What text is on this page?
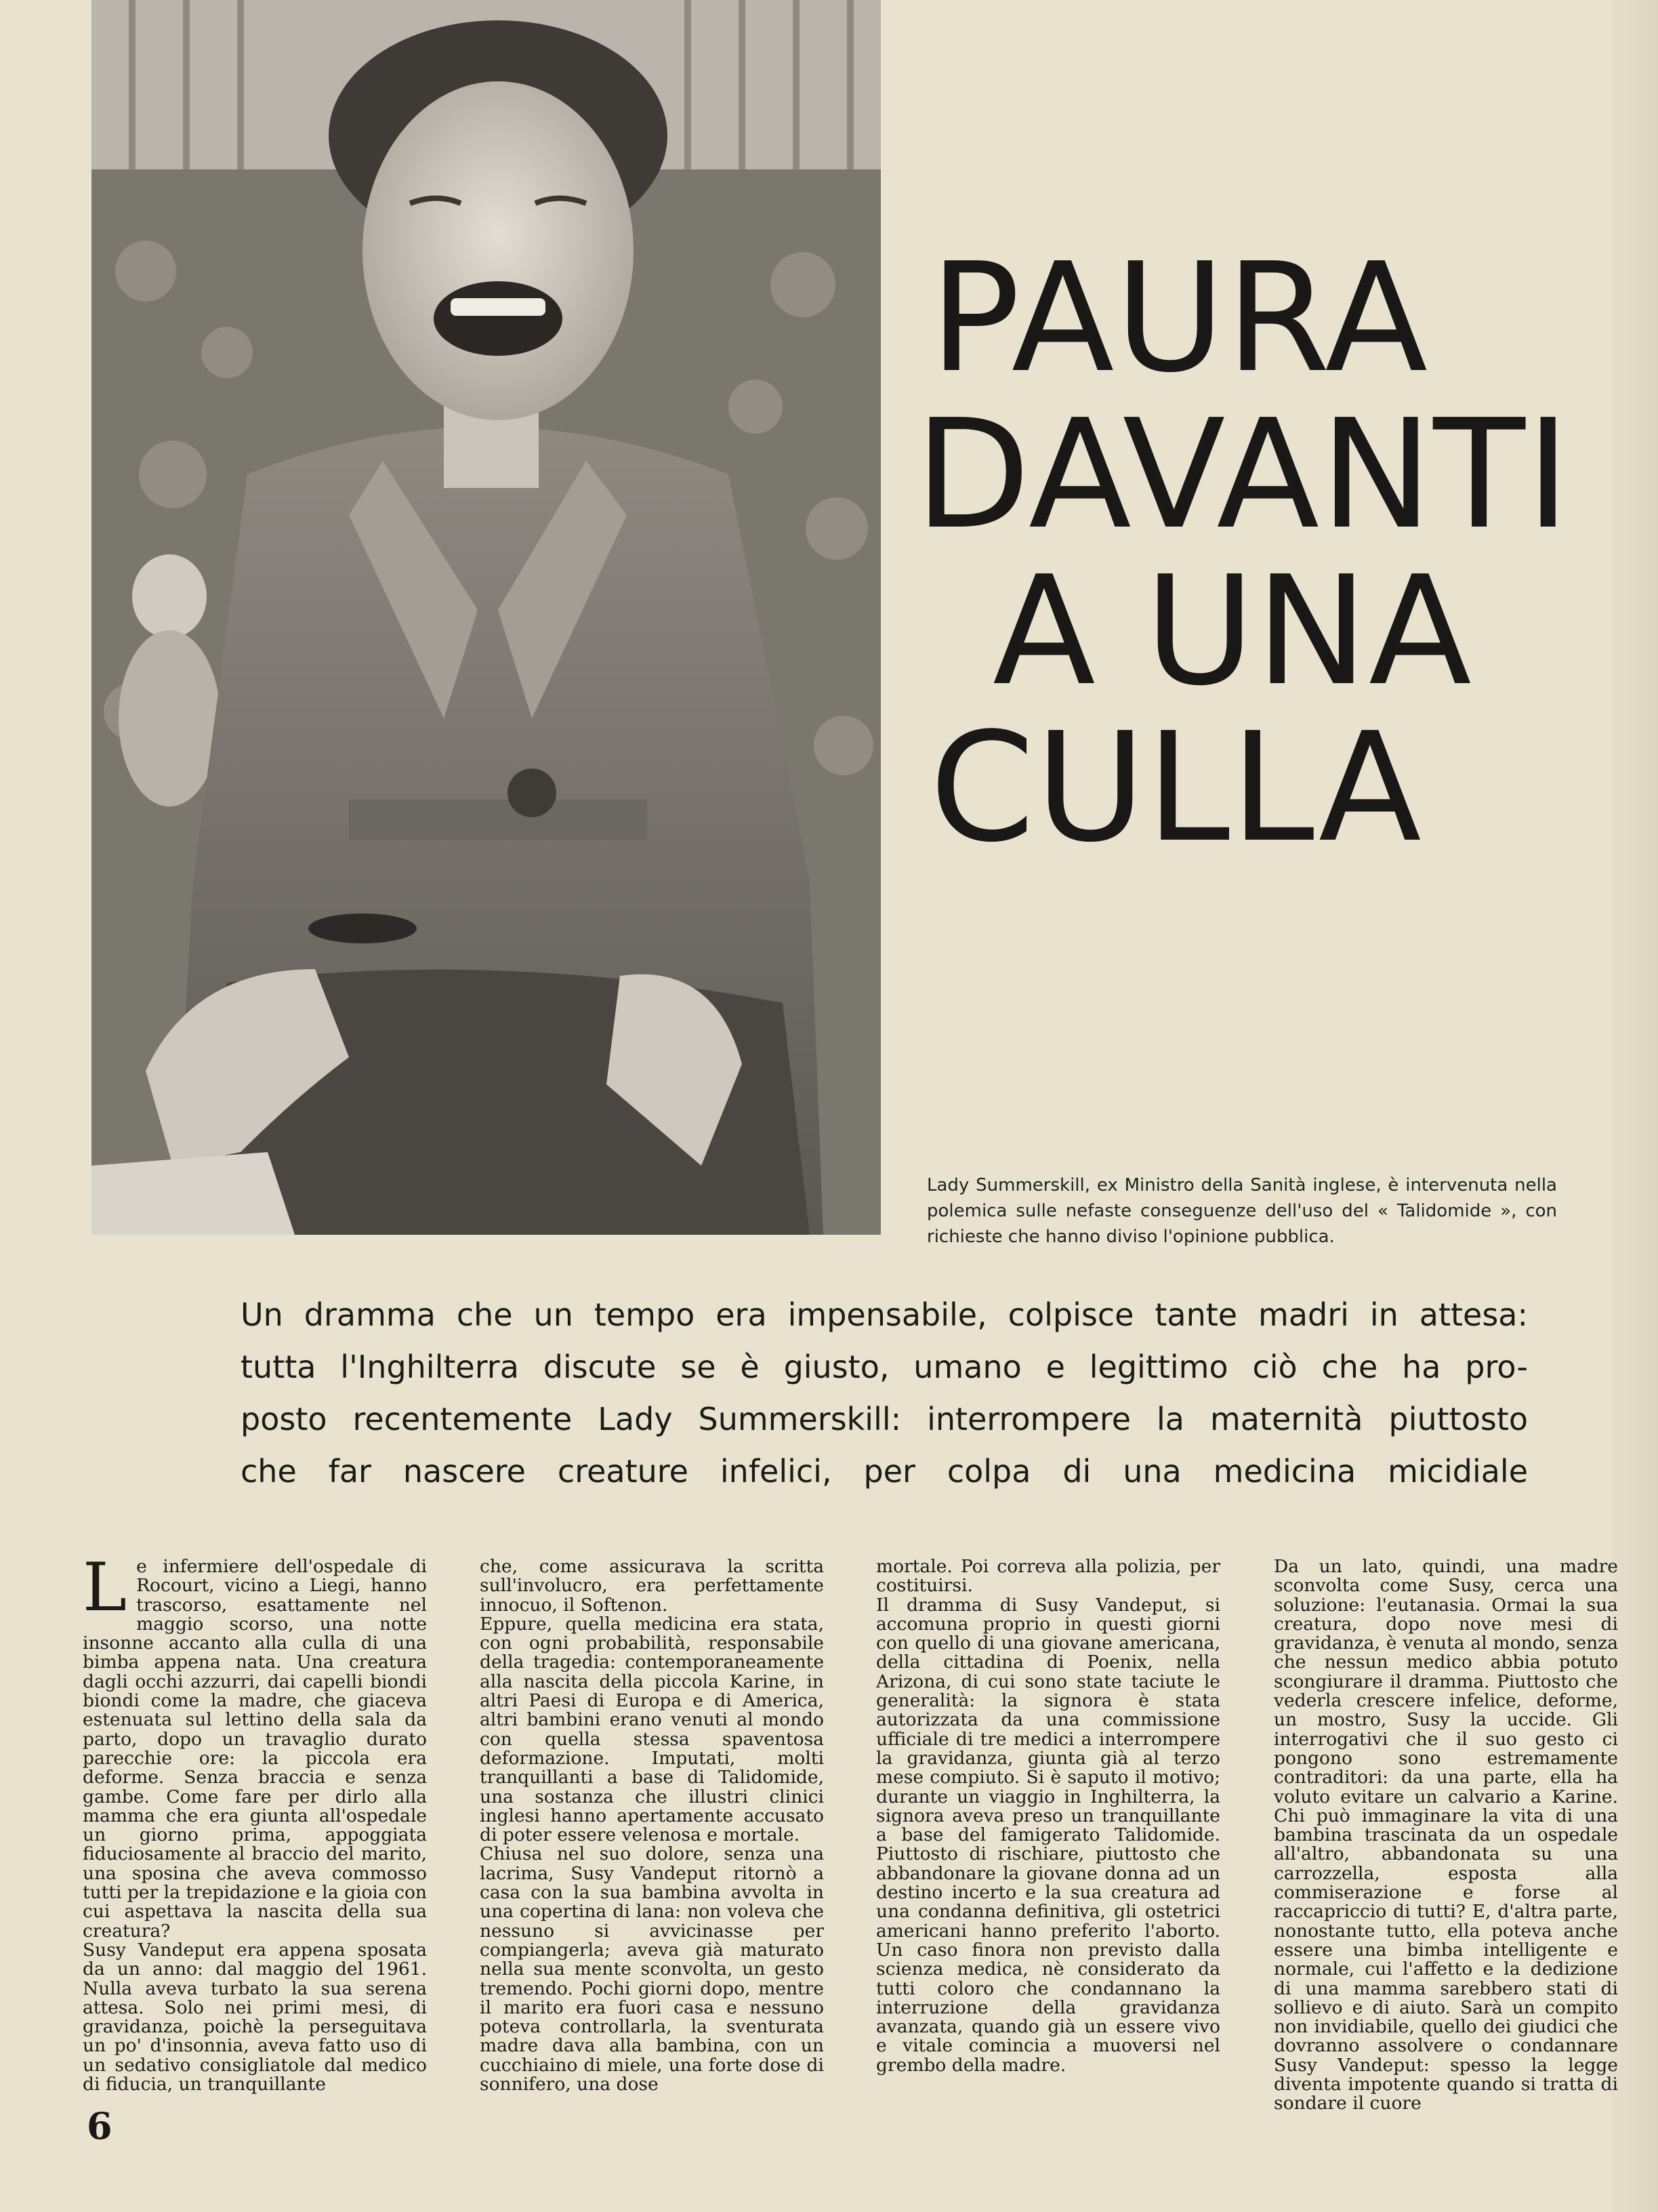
PAURA
DAVANTI
A UNA
CULLA
Lady Summerskill, ex Ministro della Sanità inglese, è intervenuta nella polemica sulle nefaste conseguenze dell'uso del « Talidomide », con richieste che hanno diviso l'opinione pubblica.
Un dramma che un tempo era impensabile, colpisce tante madri in attesa:
tutta l'Inghilterra discute se è giusto, umano e legittimo ciò che ha pro-
posto recentemente Lady Summerskill: interrompere la maternità piuttosto
che far nascere creature infelici, per colpa di una medicina micidiale

Le infermiere dell'ospedale di Rocourt, vicino a Liegi, hanno trascorso, esattamente nel maggio scorso, una notte insonne accanto alla culla di una bimba appena nata. Una creatura dagli occhi azzurri, dai capelli biondi biondi come la madre, che giaceva estenuata sul lettino della sala da parto, dopo un travaglio durato parecchie ore: la piccola era deforme. Senza braccia e senza gambe. Come fare per dirlo alla mamma che era giunta all'ospedale un giorno prima, appoggiata fiduciosamente al braccio del marito, una sposina che aveva commosso tutti per la trepidazione e la gioia con cui aspettava la nascita della sua creatura?

Susy Vandeput era appena sposata da un anno: dal maggio del 1961. Nulla aveva turbato la sua serena attesa. Solo nei primi mesi, di gravidanza, poichè la perseguitava un po' d'insonnia, aveva fatto uso di un sedativo consigliatole dal medico di fiducia, un tranquillante

che, come assicurava la scritta sull'involucro, era perfettamente innocuo, il Softenon.

Eppure, quella medicina era stata, con ogni probabilità, responsabile della tragedia: contemporaneamente alla nascita della piccola Karine, in altri Paesi di Europa e di America, altri bambini erano venuti al mondo con quella stessa spaventosa deformazione. Imputati, molti tranquillanti a base di Talidomide, una sostanza che illustri clinici inglesi hanno apertamente accusato di poter essere velenosa e mortale.

Chiusa nel suo dolore, senza una lacrima, Susy Vandeput ritornò a casa con la sua bambina avvolta in una copertina di lana: non voleva che nessuno si avvicinasse per compiangerla; aveva già maturato nella sua mente sconvolta, un gesto tremendo. Pochi giorni dopo, mentre il marito era fuori casa e nessuno poteva controllarla, la sventurata madre dava alla bambina, con un cucchiaino di miele, una forte dose di sonnifero, una dose

mortale. Poi correva alla polizia, per costituirsi.

Il dramma di Susy Vandeput, si accomuna proprio in questi giorni con quello di una giovane americana, della cittadina di Poenix, nella Arizona, di cui sono state taciute le generalità: la signora è stata autorizzata da una commissione ufficiale di tre medici a interrompere la gravidanza, giunta già al terzo mese compiuto. Si è saputo il motivo; durante un viaggio in Inghilterra, la signora aveva preso un tranquillante a base del famigerato Talidomide. Piuttosto di rischiare, piuttosto che abbandonare la giovane donna ad un destino incerto e la sua creatura ad una condanna definitiva, gli ostetrici americani hanno preferito l'aborto. Un caso finora non previsto dalla scienza medica, nè considerato da tutti coloro che condannano la interruzione della gravidanza avanzata, quando già un essere vivo e vitale comincia a muoversi nel grembo della madre.

Da un lato, quindi, una madre sconvolta come Susy, cerca una soluzione: l'eutanasia. Ormai la sua creatura, dopo nove mesi di gravidanza, è venuta al mondo, senza che nessun medico abbia potuto scongiurare il dramma. Piuttosto che vederla crescere infelice, deforme, un mostro, Susy la uccide. Gli interrogativi che il suo gesto ci pongono sono estremamente contraditori: da una parte, ella ha voluto evitare un calvario a Karine. Chi può immaginare la vita di una bambina trascinata da un ospedale all'altro, abbandonata su una carrozzella, esposta alla commiserazione e forse al raccapriccio di tutti? E, d'altra parte, nonostante tutto, ella poteva anche essere una bimba intelligente e normale, cui l'affetto e la dedizione di una mamma sarebbero stati di sollievo e di aiuto. Sarà un compito non invidiabile, quello dei giudici che dovranno assolvere o condannare Susy Vandeput: spesso la legge diventa impotente quando si tratta di sondare il cuore

6
